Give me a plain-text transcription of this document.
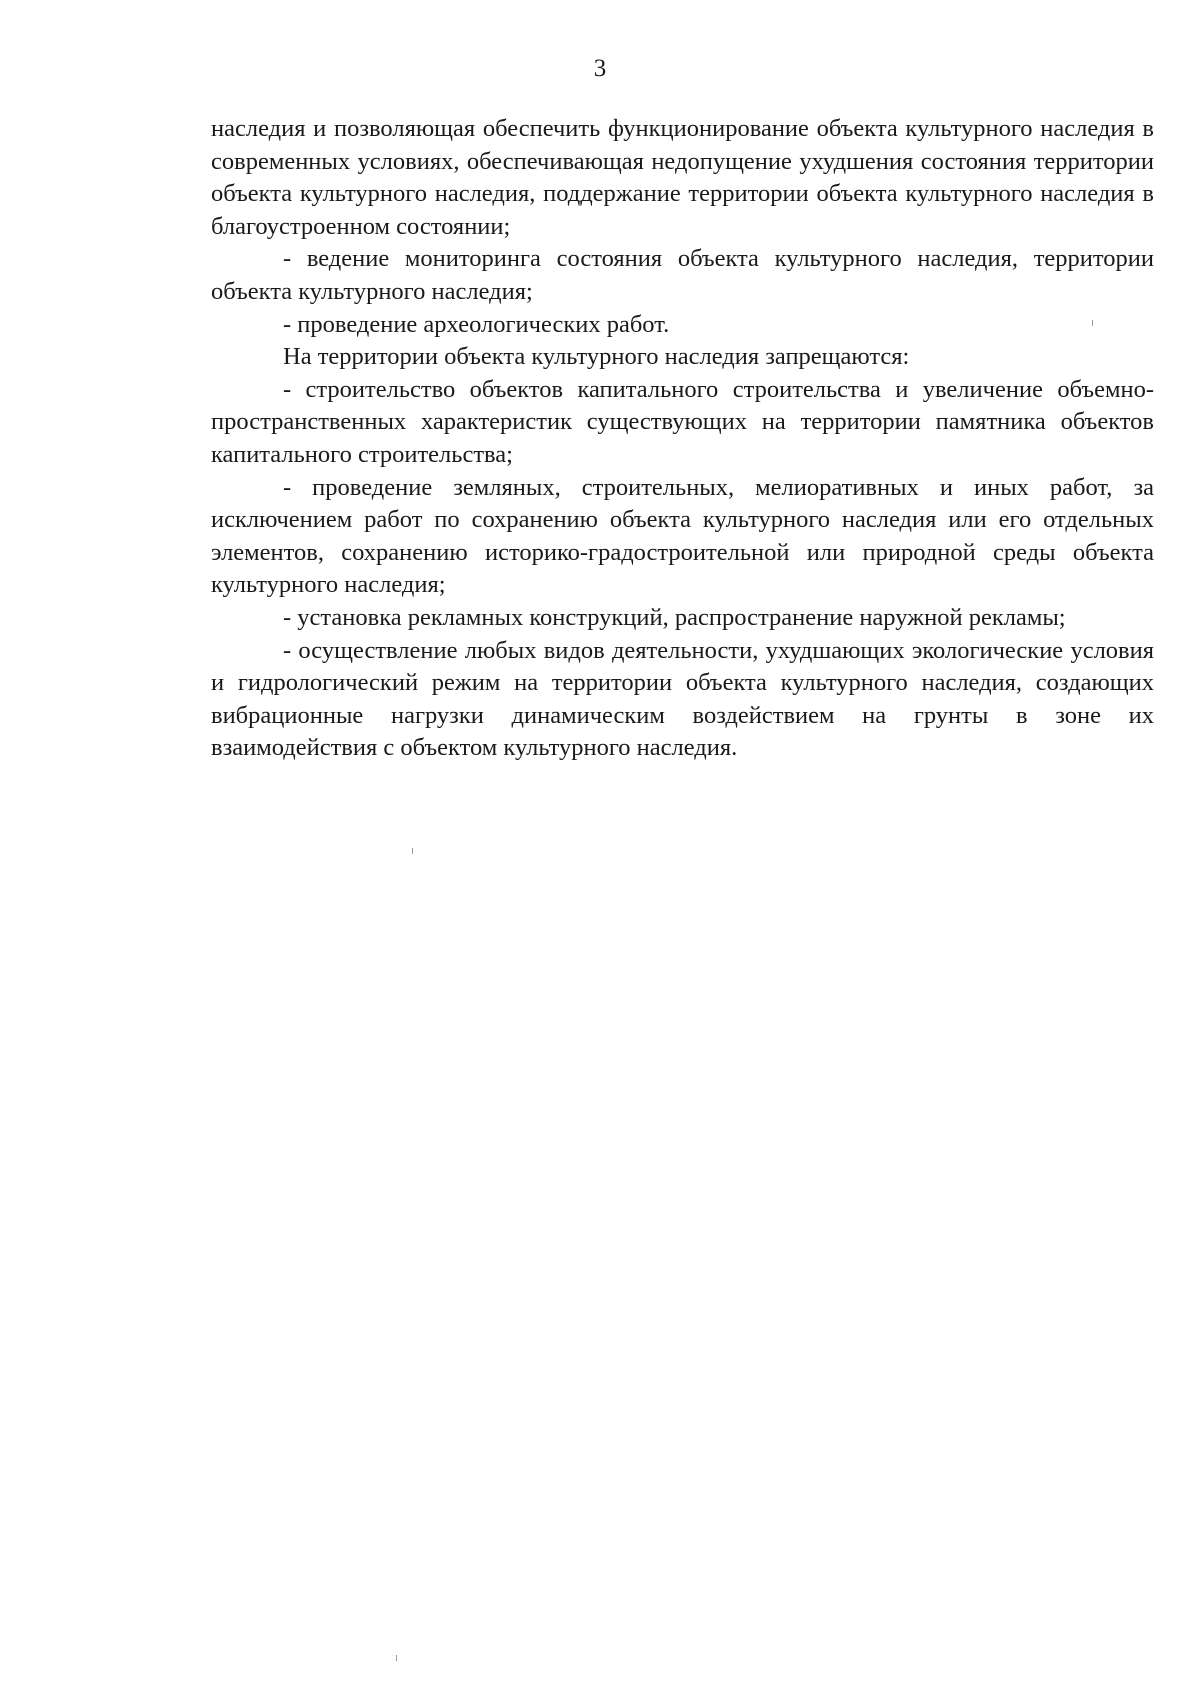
3

наследия и позволяющая обеспечить функционирование объекта культурного наследия в современных условиях, обеспечивающая недопущение ухудшения состояния территории объекта культурного наследия, поддержание территории объекта культурного наследия в благоустроенном состоянии;

- ведение мониторинга состояния объекта культурного наследия, территории объекта культурного наследия;

- проведение археологических работ.

На территории объекта культурного наследия запрещаются:

- строительство объектов капитального строительства и увеличение объемно-пространственных характеристик существующих на территории памятника объектов капитального строительства;

- проведение земляных, строительных, мелиоративных и иных работ, за исключением работ по сохранению объекта культурного наследия или его отдельных элементов, сохранению историко-градостроительной или природной среды объекта культурного наследия;

- установка рекламных конструкций, распространение наружной рекламы;

- осуществление любых видов деятельности, ухудшающих экологические условия и гидрологический режим на территории объекта культурного наследия, создающих вибрационные нагрузки динамическим воздействием на грунты в зоне их взаимодействия с объектом культурного наследия.
